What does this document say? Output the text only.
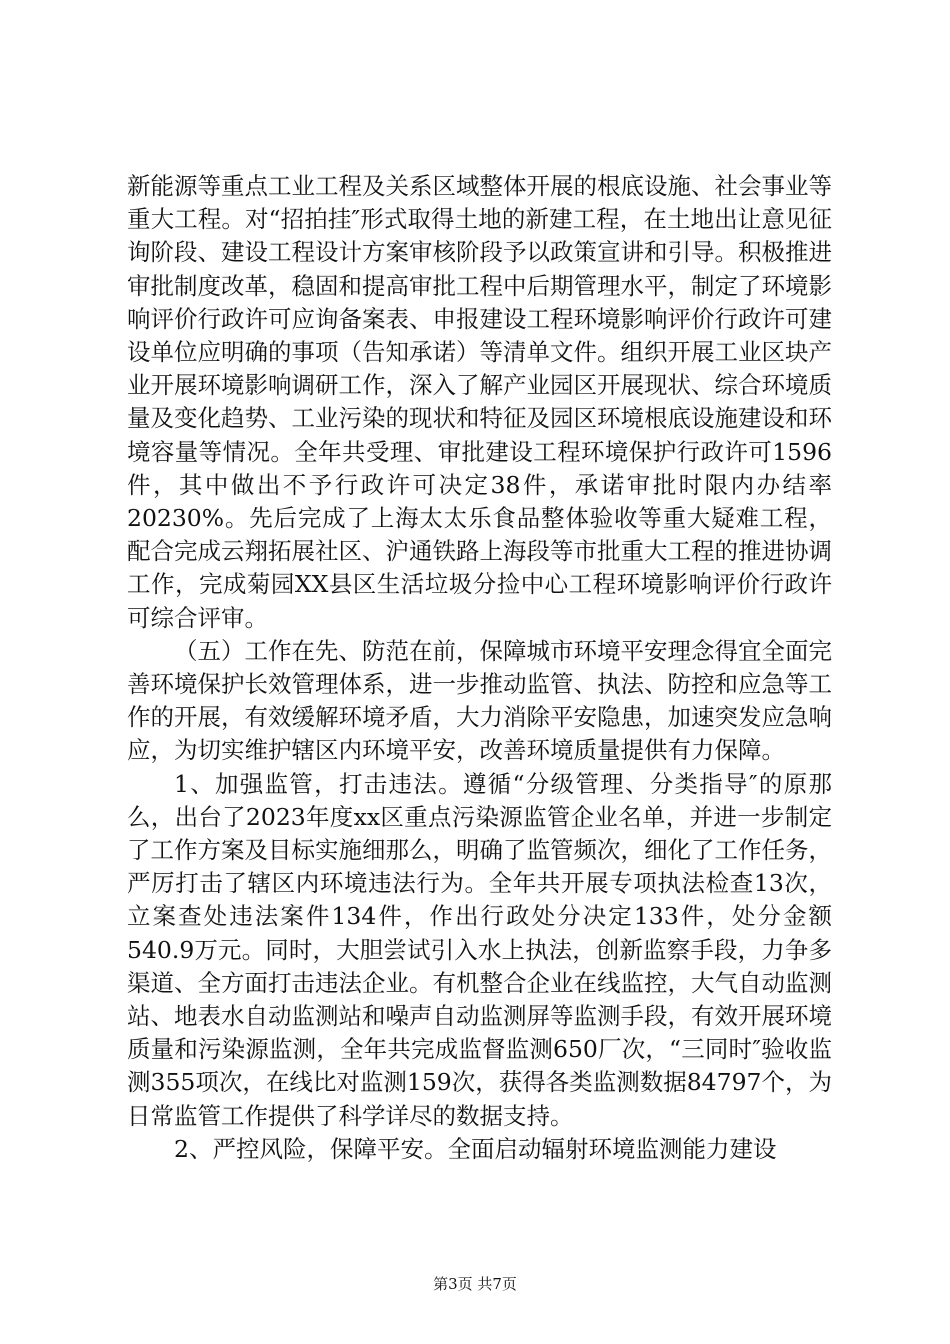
新能源等重点工业工程及关系区域整体开展的根底设施、社会事业等重大工程。对“招拍挂″形式取得土地的新建工程，在土地出让意见征询阶段、建设工程设计方案审核阶段予以政策宣讲和引导。积极推进审批制度改革，稳固和提高审批工程中后期管理水平，制定了环境影响评价行政许可应询备案表、申报建设工程环境影响评价行政许可建设单位应明确的事项（告知承诺）等清单文件。组织开展工业区块产业开展环境影响调研工作，深入了解产业园区开展现状、综合环境质量及变化趋势、工业污染的现状和特征及园区环境根底设施建设和环境容量等情况。全年共受理、审批建设工程环境保护行政许可1596件，其中做出不予行政许可决定38件，承诺审批时限内办结率20230%。先后完成了上海太太乐食品整体验收等重大疑难工程，配合完成云翔拓展社区、沪通铁路上海段等市批重大工程的推进协调工作，完成菊园XX县区生活垃圾分捡中心工程环境影响评价行政许可综合评审。

（五）工作在先、防范在前，保障城市环境平安理念得宜全面完善环境保护长效管理体系，进一步推动监管、执法、防控和应急等工作的开展，有效缓解环境矛盾，大力消除平安隐患，加速突发应急响应，为切实维护辖区内环境平安，改善环境质量提供有力保障。

1、加强监管，打击违法。遵循“分级管理、分类指导″的原那么，出台了2023年度xx区重点污染源监管企业名单，并进一步制定了工作方案及目标实施细那么，明确了监管频次，细化了工作任务，严厉打击了辖区内环境违法行为。全年共开展专项执法检查13次，立案查处违法案件134件，作出行政处分决定133件，处分金额540.9万元。同时，大胆尝试引入水上执法，创新监察手段，力争多渠道、全方面打击违法企业。有机整合企业在线监控，大气自动监测站、地表水自动监测站和噪声自动监测屏等监测手段，有效开展环境质量和污染源监测，全年共完成监督监测650厂次，“三同时″验收监测355项次，在线比对监测159次，获得各类监测数据84797个，为日常监管工作提供了科学详尽的数据支持。

2、严控风险，保障平安。全面启动辐射环境监测能力建设

第3页 共7页
